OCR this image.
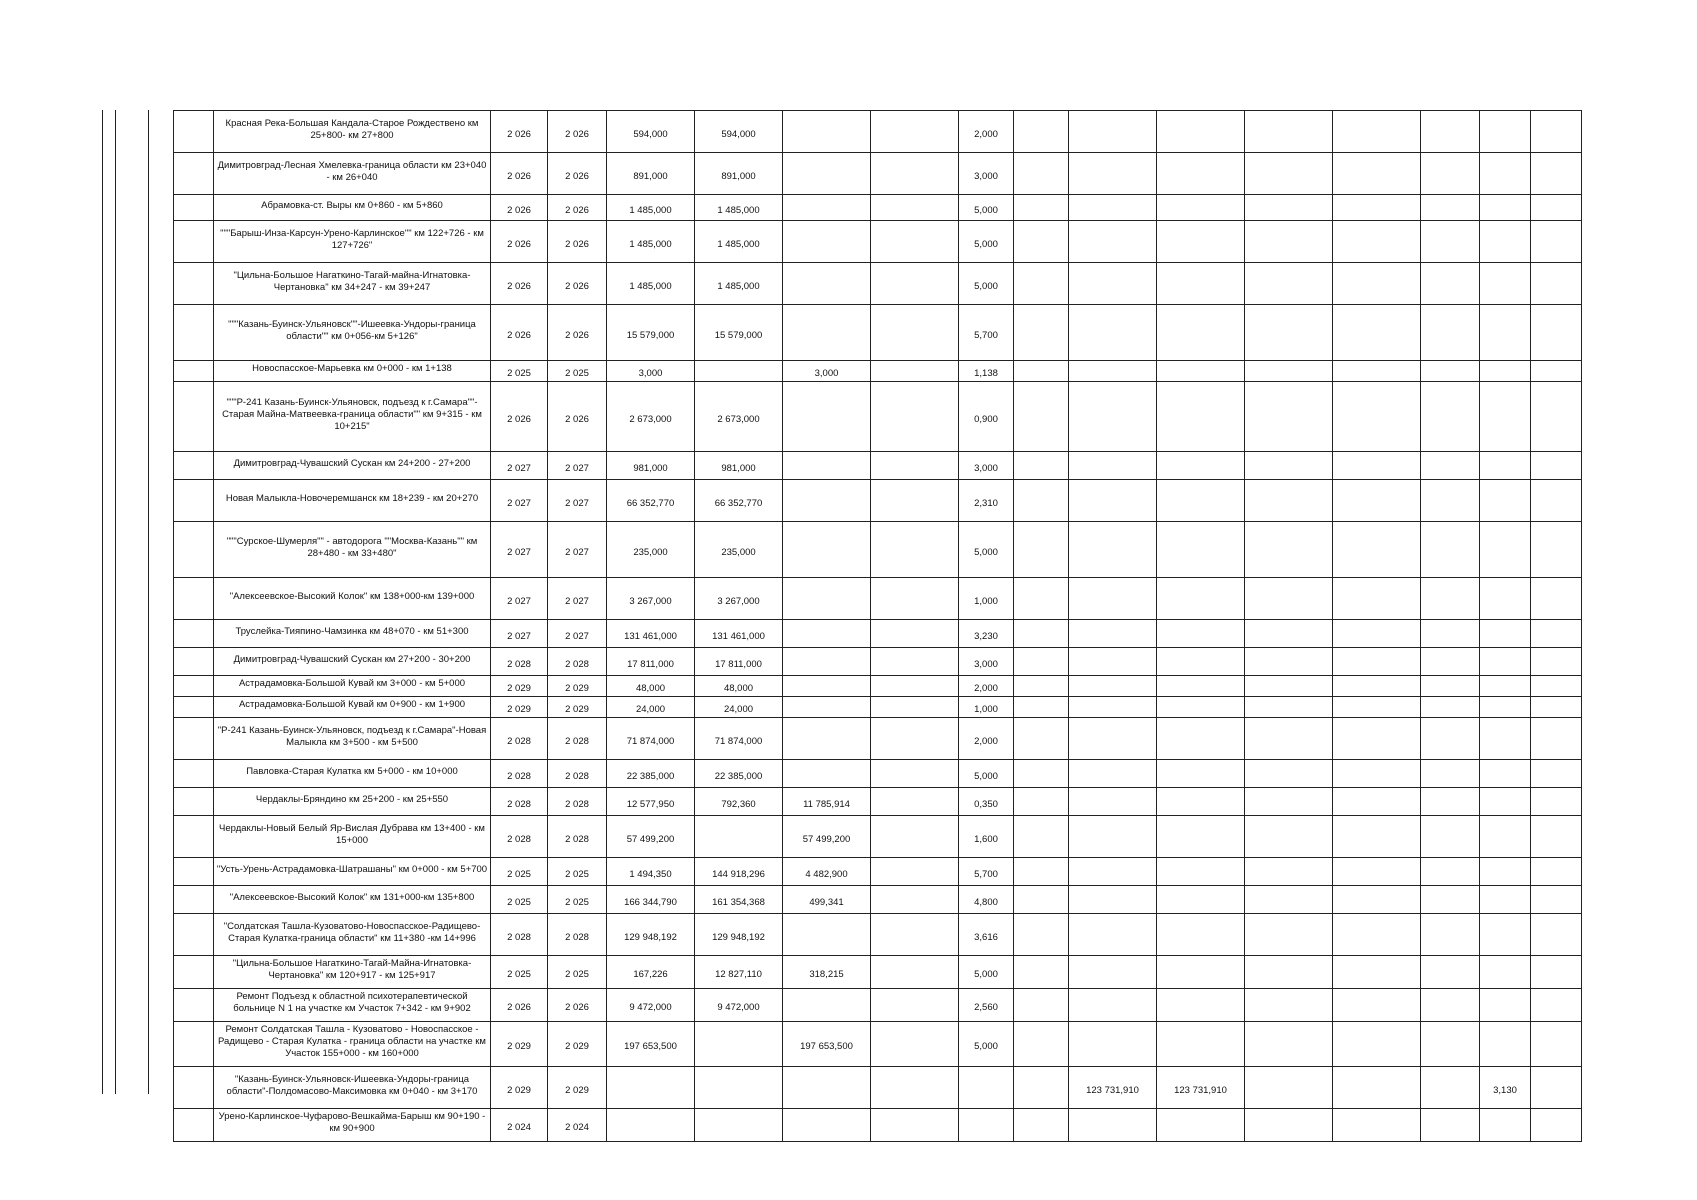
	Красная Река-Большая Кандала-Старое Рождествено км 25+800- км 27+800	2 026	2 026	594,000	594,000			2,000								
	Димитровград-Лесная Хмелевка-граница области км 23+040 - км 26+040	2 026	2 026	891,000	891,000			3,000								
	Абрамовка-ст. Выры км 0+860 - км 5+860	2 026	2 026	1 485,000	1 485,000			5,000								
	"""Барыш-Инза-Карсун-Урено-Карлинское"" км 122+726 - км 127+726"	2 026	2 026	1 485,000	1 485,000			5,000								
	"Цильна-Большое Нагаткино-Тагай-майна-Игнатовка-Чертановка" км 34+247 - км 39+247	2 026	2 026	1 485,000	1 485,000			5,000								
	"""Казань-Буинск-Ульяновск""-Ишеевка-Ундоры-граница области"" км 0+056-км 5+126"	2 026	2 026	15 579,000	15 579,000			5,700								
	Новоспасское-Марьевка км 0+000 - км 1+138	2 025	2 025	3,000		3,000		1,138								
	"""Р-241 Казань-Буинск-Ульяновск, подъезд к г.Самара""-Старая Майна-Матвеевка-граница области"" км 9+315 - км 10+215"	2 026	2 026	2 673,000	2 673,000			0,900								
	Димитровград-Чувашский Сускан км 24+200 - 27+200	2 027	2 027	981,000	981,000			3,000								
	Новая Малыкла-Новочеремшанск км 18+239 - км 20+270	2 027	2 027	66 352,770	66 352,770			2,310								
	"""Сурское-Шумерля"" - автодорога ""Москва-Казань"" км 28+480 - км 33+480"	2 027	2 027	235,000	235,000			5,000								
	"Алексеевское-Высокий Колок" км 138+000-км 139+000	2 027	2 027	3 267,000	3 267,000			1,000								
	Труслейка-Тияпино-Чамзинка км 48+070 - км 51+300	2 027	2 027	131 461,000	131 461,000			3,230								
	Димитровград-Чувашский Сускан км 27+200 - 30+200	2 028	2 028	17 811,000	17 811,000			3,000								
	Астрадамовка-Большой Кувай км 3+000 - км 5+000	2 029	2 029	48,000	48,000			2,000								
	Астрадамовка-Большой Кувай км 0+900 - км 1+900	2 029	2 029	24,000	24,000			1,000								
	"Р-241 Казань-Буинск-Ульяновск, подъезд к г.Самара"-Новая Малыкла км 3+500 - км 5+500	2 028	2 028	71 874,000	71 874,000			2,000								
	Павловка-Старая Кулатка км 5+000 - км 10+000	2 028	2 028	22 385,000	22 385,000			5,000								
	Чердаклы-Бряндино км 25+200 - км 25+550	2 028	2 028	12 577,950	792,360	11 785,914		0,350								
	Чердаклы-Новый Белый Яр-Вислая Дубрава км 13+400 - км 15+000	2 028	2 028	57 499,200		57 499,200		1,600								
	"Усть-Урень-Астрадамовка-Шатрашаны" км 0+000 - км 5+700	2 025	2 025	1 494,350	144 918,296	4 482,900		5,700								
	"Алексеевское-Высокий Колок" км 131+000-км 135+800	2 025	2 025	166 344,790	161 354,368	499,341		4,800								
	"Солдатская Ташла-Кузоватово-Новоспасское-Радищево-Старая Кулатка-граница области" км 11+380 -км 14+996	2 028	2 028	129 948,192	129 948,192			3,616								
	"Цильна-Большое Нагаткино-Тагай-Майна-Игнатовка-Чертановка" км 120+917 - км 125+917	2 025	2 025	167,226	12 827,110	318,215		5,000								
	Ремонт Подъезд к областной психотерапевтической больнице N 1 на участке км Участок 7+342 - км 9+902	2 026	2 026	9 472,000	9 472,000			2,560								
	Ремонт Солдатская Ташла - Кузоватово - Новоспасское - Радищево - Старая Кулатка - граница области на участке км Участок 155+000 - км 160+000	2 029	2 029	197 653,500		197 653,500		5,000								
	"Казань-Буинск-Ульяновск-Ишеевка-Ундоры-граница области"-Полдомасово-Максимовка км 0+040 - км 3+170	2 029	2 029							123 731,910	123 731,910				3,130	
	Урено-Карлинское-Чуфарово-Вешкайма-Барыш км 90+190 - км 90+900	2 024	2 024													
